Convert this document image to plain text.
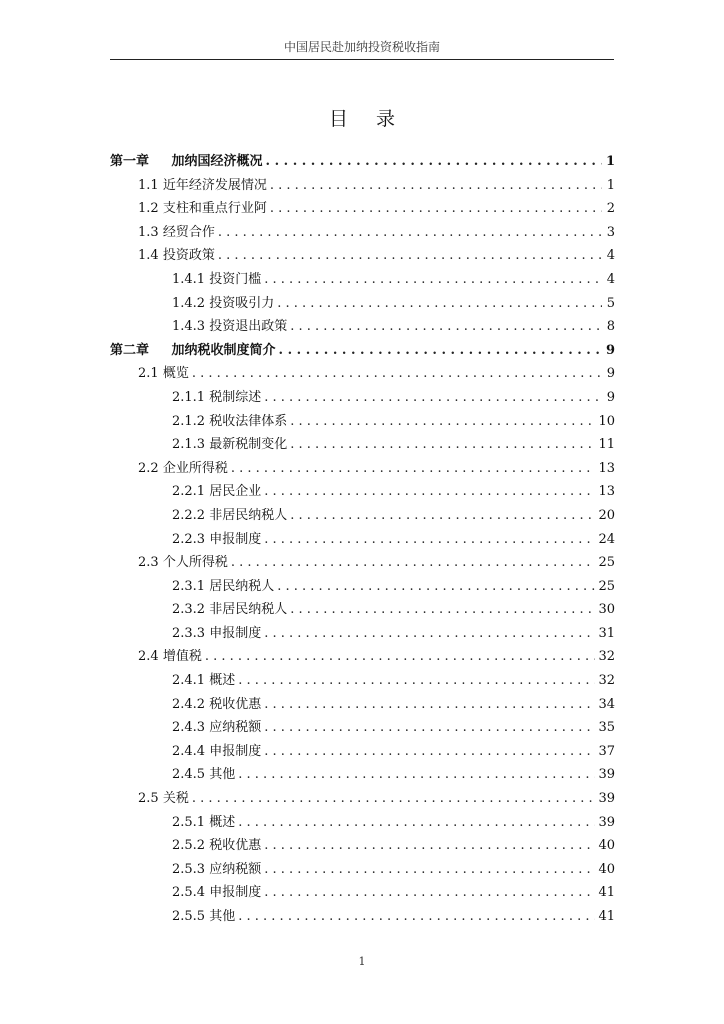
中国居民赴加纳投资税收指南
目录
第一章 加纳国经济概况 . . .	1
1.1 近年经济发展情况 . . .	1
1.2 支柱和重点行业阿 . . .	2
1.3 经贸合作 . . .	3
1.4 投资政策 . . .	4
1.4.1 投资门槛 . . .	4
1.4.2 投资吸引力 . . .	5
1.4.3 投资退出政策 . . .	8
第二章 加纳税收制度简介 . . .	9
2.1 概览 . . .	9
2.1.1 税制综述 . . .	9
2.1.2 税收法律体系 . . .	10
2.1.3 最新税制变化 . . .	11
2.2 企业所得税 . . .	13
2.2.1 居民企业 . . .	13
2.2.2 非居民纳税人 . . .	20
2.2.3 申报制度 . . .	24
2.3 个人所得税 . . .	25
2.3.1 居民纳税人 . . .	25
2.3.2 非居民纳税人 . . .	30
2.3.3 申报制度 . . .	31
2.4 增值税 . . .	32
2.4.1 概述 . . .	32
2.4.2 税收优惠 . . .	34
2.4.3 应纳税额 . . .	35
2.4.4 申报制度 . . .	37
2.4.5 其他 . . .	39
2.5 关税 . . .	39
2.5.1 概述 . . .	39
2.5.2 税收优惠 . . .	40
2.5.3 应纳税额 . . .	40
2.5.4 申报制度 . . .	41
2.5.5 其他 . . .	41
1
